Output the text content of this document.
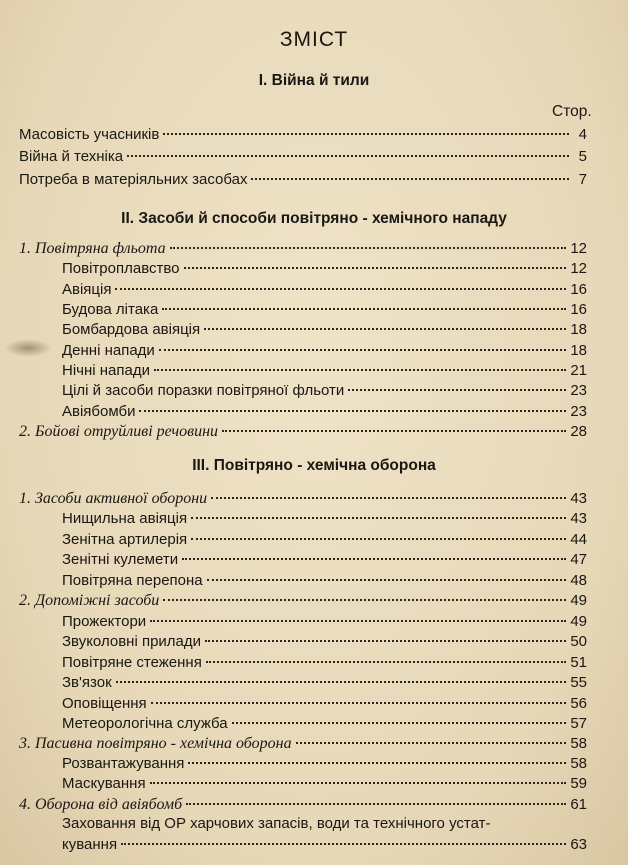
ЗМІСТ
Стор.
І. Війна й тили
Масовість учасників	4
Війна й техніка	5
Потреба в матеріяльних засобах	7
II. Засоби й способи повітряно - хемічного нападу
1. Повітряна фльота	12
Повітроплавство	12
Авіяція	16
Будова літака	16
Бомбардова авіяція	18
Денні напади	18
Нічні напади	21
Цілі й засоби поразки повітряної фльоти	23
Авіябомби	23
2. Бойові отруйливі речовини	28
III. Повітряно - хемічна оборона
1. Засоби активної оборони	43
Нищильна авіяція	43
Зенітна артилерія	44
Зенітні кулемети	47
Повітряна перепона	48
2. Допоміжні засоби	49
Прожектори	49
Звуколовні прилади	50
Повітряне стеження	51
Зв'язок	55
Оповіщення	56
Метеорологічна служба	57
3. Пасивна повітряно - хемічна оборона	58
Розвантажування	58
Маскування	59
4. Оборона від авіябомб	61
Заховання від ОР харчових запасів, води та технічного устат-
кування	63
